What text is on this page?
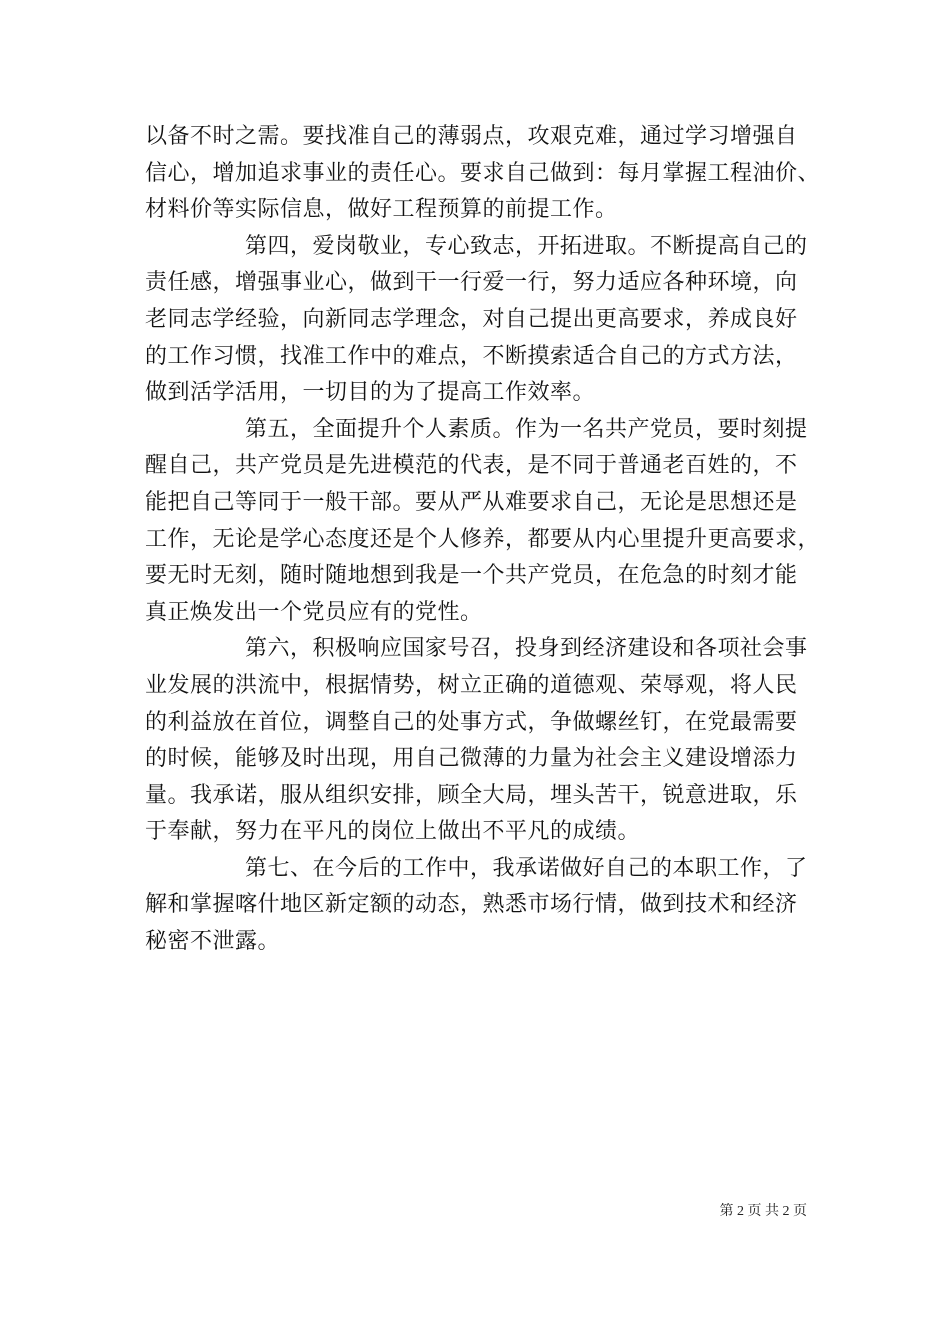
以备不时之需。要找准自己的薄弱点，攻艰克难，通过学习增强自
信心，增加追求事业的责任心。要求自己做到：每月掌握工程油价、
材料价等实际信息，做好工程预算的前提工作。
第四，爱岗敬业，专心致志，开拓进取。不断提高自己的
责任感，增强事业心，做到干一行爱一行，努力适应各种环境，向
老同志学经验，向新同志学理念，对自己提出更高要求，养成良好
的工作习惯，找准工作中的难点，不断摸索适合自己的方式方法，
做到活学活用，一切目的为了提高工作效率。
第五，全面提升个人素质。作为一名共产党员，要时刻提
醒自己，共产党员是先进模范的代表，是不同于普通老百姓的，不
能把自己等同于一般干部。要从严从难要求自己，无论是思想还是
工作，无论是学心态度还是个人修养，都要从内心里提升更高要求，
要无时无刻，随时随地想到我是一个共产党员，在危急的时刻才能
真正焕发出一个党员应有的党性。
第六，积极响应国家号召，投身到经济建设和各项社会事
业发展的洪流中，根据情势，树立正确的道德观、荣辱观，将人民
的利益放在首位，调整自己的处事方式，争做螺丝钉，在党最需要
的时候，能够及时出现，用自己微薄的力量为社会主义建设增添力
量。我承诺，服从组织安排，顾全大局，埋头苦干，锐意进取，乐
于奉献，努力在平凡的岗位上做出不平凡的成绩。
第七、在今后的工作中，我承诺做好自己的本职工作，了
解和掌握喀什地区新定额的动态，熟悉市场行情，做到技术和经济
秘密不泄露。
第 2 页 共 2 页
